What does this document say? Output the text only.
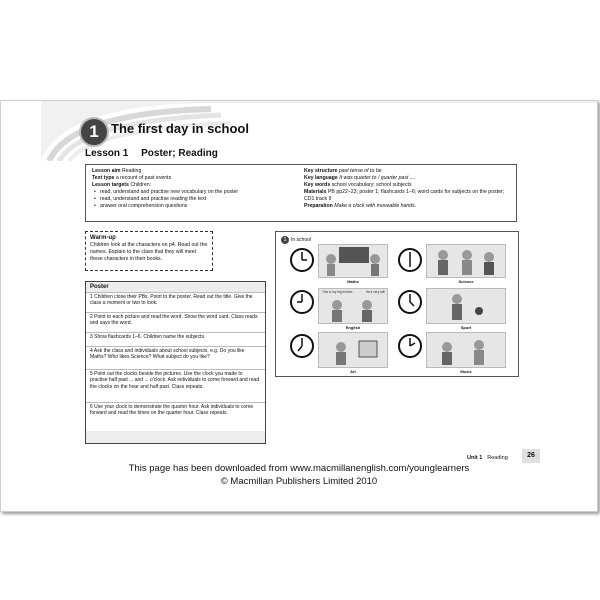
1 The first day in school
Lesson 1 Poster; Reading
Lesson aim Reading
Text type a recount of past events
Lesson targets Children:
• read, understand and practise new vocabulary on the poster
• read, understand and practise reading the text
• answer oral comprehension questions
Key structure past tense of to be
Key language It was quarter to / quarter past ....
Key words school vocabulary; school subjects
Materials PB pp22–23; poster 1; flashcards 1–6; word cards for subjects on the poster; CD1 track 9
Preparation Make a clock with moveable hands.
Warm-up
Children look at the characters on p4. Read out the names. Explain to the class that they will meet these characters in their books.
Poster
1 Children close their PBs. Point to the poster. Read out the title. Give the class a moment or two to look.
2 Point to each picture and read the word. Show the word card. Class reads and says the word.
3 Show flashcards 1–6. Children name the subjects.
4 Ask the class and individuals about school subjects, e.g. Do you like Maths? Who likes Science? What subject do you like?
5 Point out the clocks beside the pictures. Use the clock you made to practise half past ... and ... o'clock. Ask individuals to come forward and read the clocks on the hour and half past. Class repeats.
6 Use your clock to demonstrate the quarter hour. Ask individuals to come forward and read the times on the quarter hour. Class repeats.
1 In school
Maths	Science
This is my big brother.	He's very tall!
English	Sport
Art	Music
Unit 1 Reading	26
This page has been downloaded from www.macmillanenglish.com/younglearners
© Macmillan Publishers Limited 2010
